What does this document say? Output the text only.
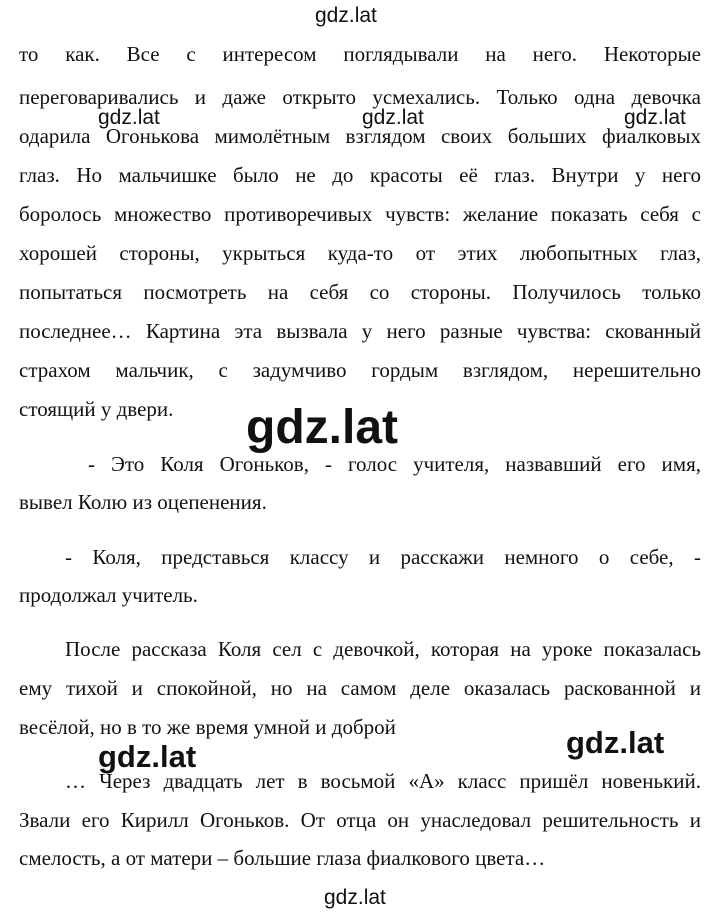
gdz.lat
то как. Все с интересом поглядывали на него. Некоторые
переговаривались и даже открыто усмехались. Только одна девочка
gdz.lat	gdz.lat	gdz.lat
одарила Огонькова мимолётным взглядом своих больших фиалковых
глаз. Но мальчишке было не до красоты её глаз. Внутри у него
боролось множество противоречивых чувств: желание показать себя с
хорошей стороны, укрыться куда-то от этих любопытных глаз,
попытаться посмотреть на себя со стороны. Получилось только
последнее… Картина эта вызвала у него разные чувства: скованный
страхом мальчик, с задумчиво гордым взглядом, нерешительно
стоящий у двери. gdz.lat
- Это Коля Огоньков, - голос учителя, назвавший его имя,
вывел Колю из оцепенения.
- Коля, представься классу и расскажи немного о себе, -
продолжал учитель.
После рассказа Коля сел с девочкой, которая на уроке показалась
ему тихой и спокойной, но на самом деле оказалась раскованной и
весёлой, но в то же время умной и доброй
gdz.lat	gdz.lat
… Через двадцать лет в восьмой «А» класс пришёл новенький.
Звали его Кирилл Огоньков. От отца он унаследовал решительность и
смелость, а от матери – большие глаза фиалкового цвета…
gdz.lat
